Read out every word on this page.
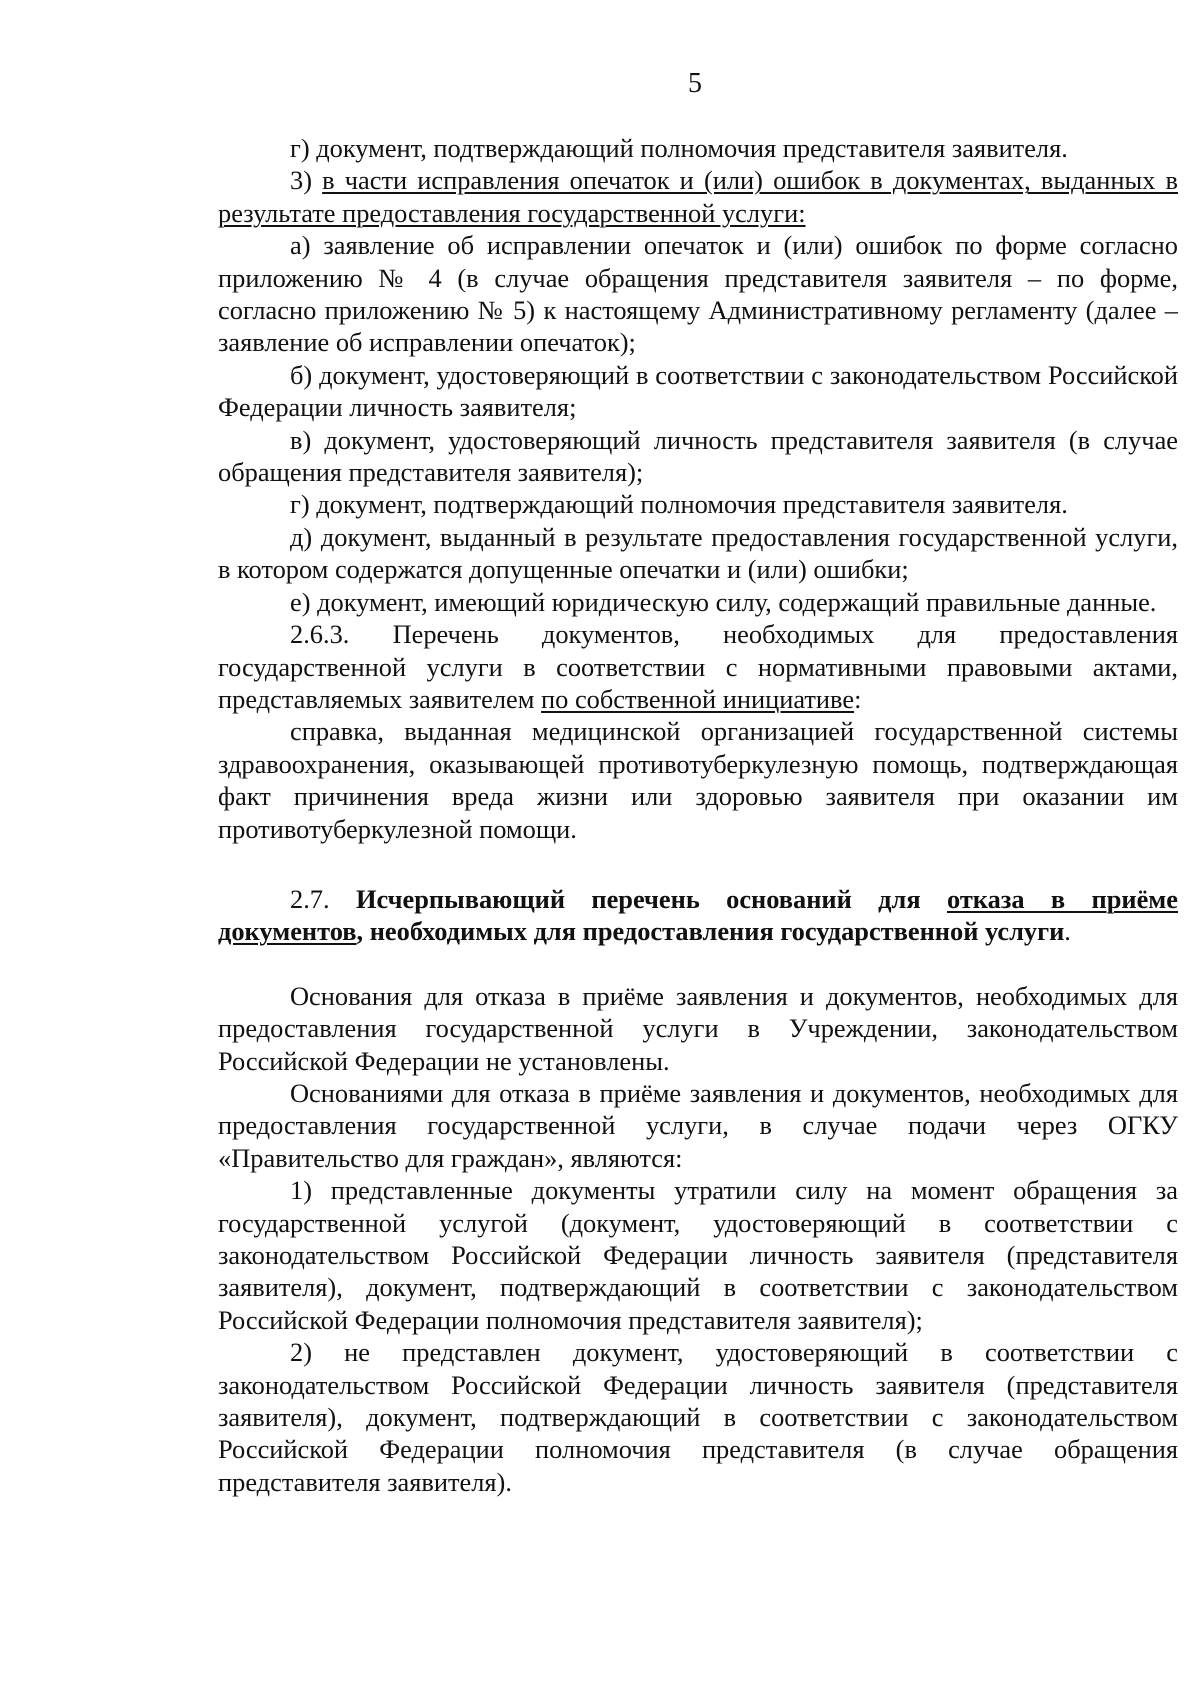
5

г) документ, подтверждающий полномочия представителя заявителя.

3) в части исправления опечаток и (или) ошибок в документах, выданных в результате предоставления государственной услуги:

а) заявление об исправлении опечаток и (или) ошибок по форме согласно приложению № 4 (в случае обращения представителя заявителя – по форме, согласно приложению № 5) к настоящему Административному регламенту (далее – заявление об исправлении опечаток);

б) документ, удостоверяющий в соответствии с законодательством Российской Федерации личность заявителя;

в) документ, удостоверяющий личность представителя заявителя (в случае обращения представителя заявителя);

г) документ, подтверждающий полномочия представителя заявителя.

д) документ, выданный в результате предоставления государственной услуги, в котором содержатся допущенные опечатки и (или) ошибки;

е) документ, имеющий юридическую силу, содержащий правильные данные.

2.6.3. Перечень документов, необходимых для предоставления государственной услуги в соответствии с нормативными правовыми актами, представляемых заявителем по собственной инициативе:

справка, выданная медицинской организацией государственной системы здравоохранения, оказывающей противотуберкулезную помощь, подтверждающая факт причинения вреда жизни или здоровью заявителя при оказании им противотуберкулезной помощи.

2.7. Исчерпывающий перечень оснований для отказа в приёме документов, необходимых для предоставления государственной услуги.

Основания для отказа в приёме заявления и документов, необходимых для предоставления государственной услуги в Учреждении, законодательством Российской Федерации не установлены.

Основаниями для отказа в приёме заявления и документов, необходимых для предоставления государственной услуги, в случае подачи через ОГКУ «Правительство для граждан», являются:

1) представленные документы утратили силу на момент обращения за государственной услугой (документ, удостоверяющий в соответствии с законодательством Российской Федерации личность заявителя (представителя заявителя), документ, подтверждающий в соответствии с законодательством Российской Федерации полномочия представителя заявителя);

2) не представлен документ, удостоверяющий в соответствии с законодательством Российской Федерации личность заявителя (представителя заявителя), документ, подтверждающий в соответствии с законодательством Российской Федерации полномочия представителя (в случае обращения представителя заявителя).
